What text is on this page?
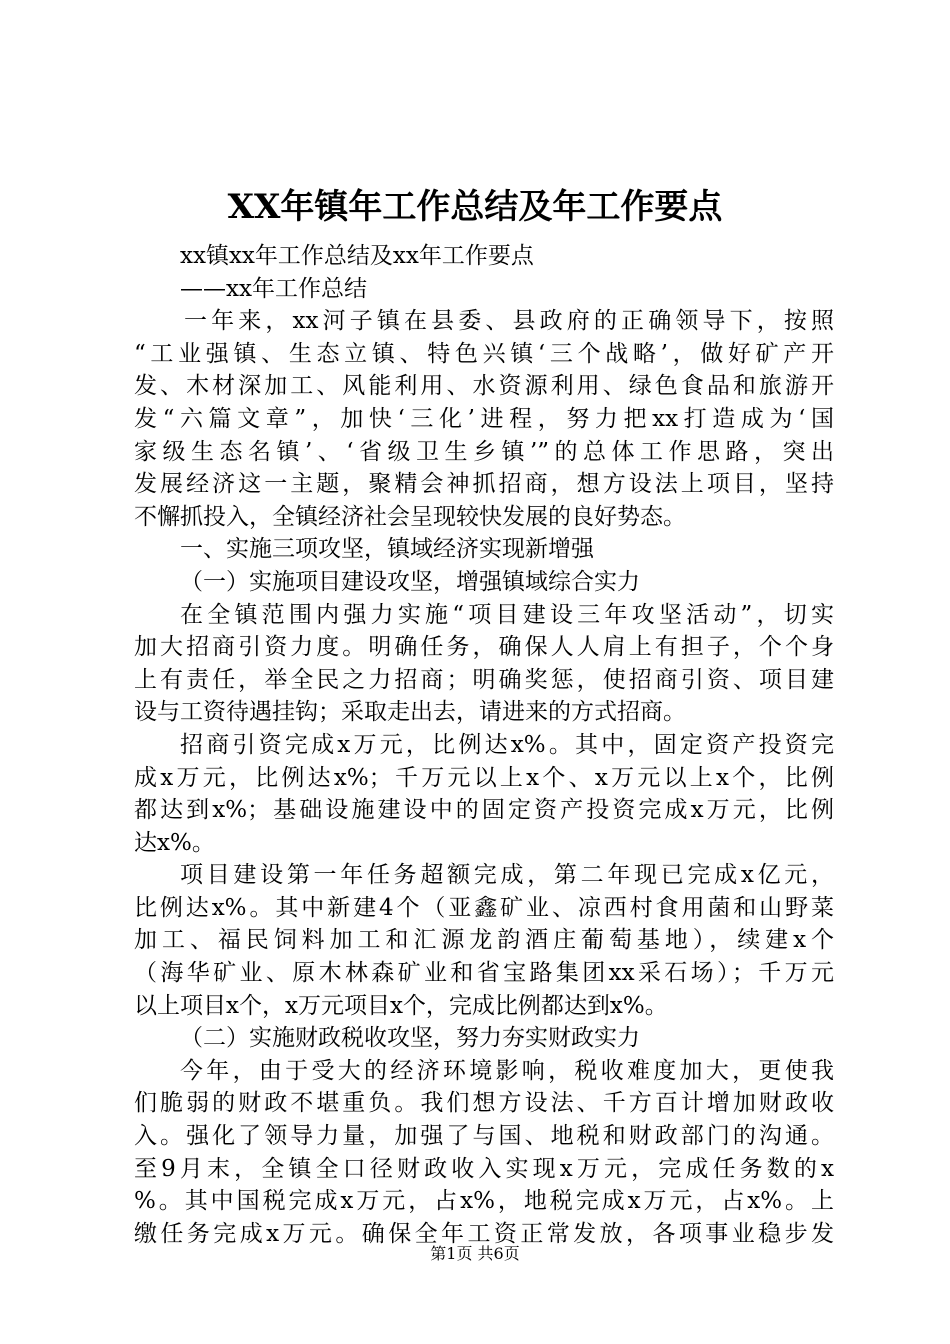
XX年镇年工作总结及年工作要点

xx镇xx年工作总结及xx年工作要点

——xx年工作总结

一年来，xx河子镇在县委、县政府的正确领导下，按照

“工业强镇、生态立镇、特色兴镇‘三个战略’，做好矿产开

发、木材深加工、风能利用、水资源利用、绿色食品和旅游开

发“六篇文章”，加快‘三化’进程，努力把xx打造成为‘国

家级生态名镇’、‘省级卫生乡镇’”的总体工作思路，突出

发展经济这一主题，聚精会神抓招商，想方设法上项目，坚持

不懈抓投入，全镇经济社会呈现较快发展的良好势态。

一、实施三项攻坚，镇域经济实现新增强

（一）实施项目建设攻坚，增强镇域综合实力

在全镇范围内强力实施“项目建设三年攻坚活动”，切实

加大招商引资力度。明确任务，确保人人肩上有担子，个个身

上有责任，举全民之力招商；明确奖惩，使招商引资、项目建

设与工资待遇挂钩；采取走出去，请进来的方式招商。

招商引资完成x万元，比例达x%。其中，固定资产投资完

成x万元，比例达x%；千万元以上x个、x万元以上x个，比例

都达到x%；基础设施建设中的固定资产投资完成x万元，比例

达x%。

项目建设第一年任务超额完成，第二年现已完成x亿元，

比例达x%。其中新建4个（亚鑫矿业、凉西村食用菌和山野菜

加工、福民饲料加工和汇源龙韵酒庄葡萄基地），续建x个

（海华矿业、原木林森矿业和省宝路集团xx采石场）；千万元

以上项目x个，x万元项目x个，完成比例都达到x%。

（二）实施财政税收攻坚，努力夯实财政实力

今年，由于受大的经济环境影响，税收难度加大，更使我

们脆弱的财政不堪重负。我们想方设法、千方百计增加财政收

入。强化了领导力量，加强了与国、地税和财政部门的沟通。

至9月末，全镇全口径财政收入实现x万元，完成任务数的x

%。其中国税完成x万元，占x%，地税完成x万元，占x%。上

缴任务完成x万元。确保全年工资正常发放，各项事业稳步发

第1页 共6页
